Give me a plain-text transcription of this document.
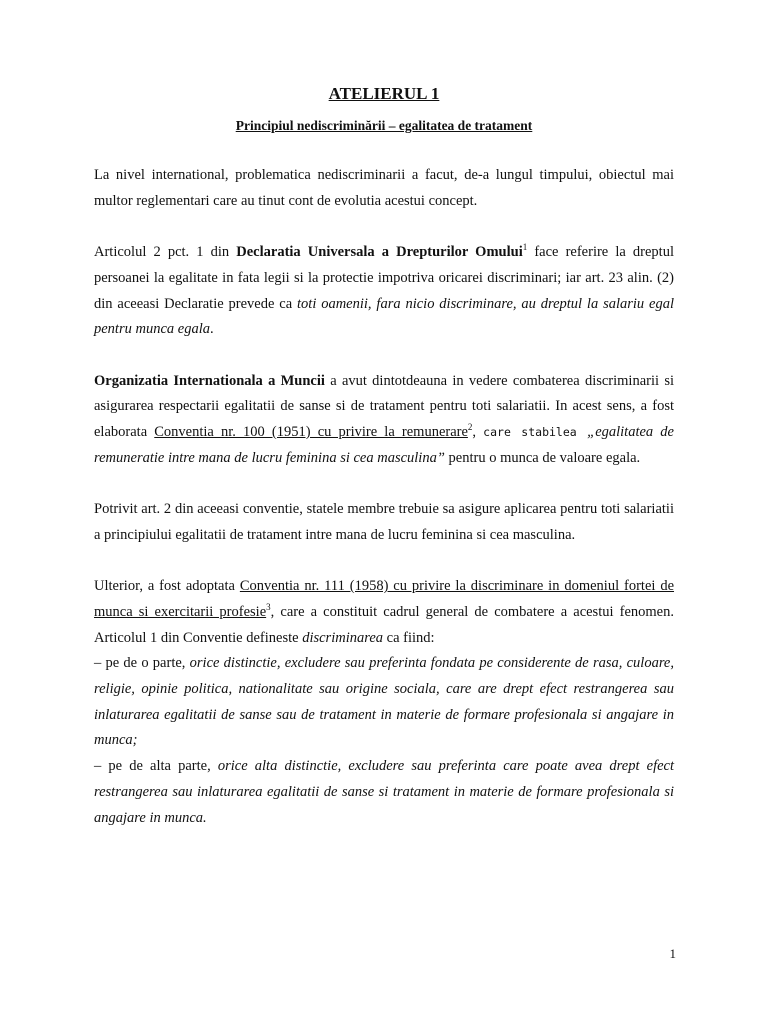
ATELIERUL 1
Principiul nediscriminării – egalitatea de tratament

La nivel international, problematica nediscriminarii a facut, de-a lungul timpului, obiectul mai multor reglementari care au tinut cont de evolutia acestui concept.

Articolul 2 pct. 1 din Declaratia Universala a Drepturilor Omului$^1$ face referire la dreptul persoanei la egalitate in fata legii si la protectie impotriva oricarei discriminari; iar art. 23 alin. (2) din aceeasi Declaratie prevede ca toti oamenii, fara nicio discriminare, au dreptul la salariu egal pentru munca egala.

Organizatia Internationala a Muncii a avut dintotdeauna in vedere combaterea discriminarii si asigurarea respectarii egalitatii de sanse si de tratament pentru toti salariatii. In acest sens, a fost elaborata Conventia nr. 100 (1951) cu privire la remunerare$^2$, care stabilea „egalitatea de remuneratie intre mana de lucru feminina si cea masculina” pentru o munca de valoare egala.

Potrivit art. 2 din aceeasi conventie, statele membre trebuie sa asigure aplicarea pentru toti salariatii a principiului egalitatii de tratament intre mana de lucru feminina si cea masculina.

Ulterior, a fost adoptata Conventia nr. 111 (1958) cu privire la discriminare in domeniul fortei de munca si exercitarii profesie$^3$, care a constituit cadrul general de combatere a acestui fenomen. Articolul 1 din Conventie defineste discriminarea ca fiind:

– pe de o parte, orice distinctie, excludere sau preferinta fondata pe considerente de rasa, culoare, religie, opinie politica, nationalitate sau origine sociala, care are drept efect restrangerea sau inlaturarea egalitatii de sanse sau de tratament in materie de formare profesionala si angajare in munca;

– pe de alta parte, orice alta distinctie, excludere sau preferinta care poate avea drept efect restrangerea sau inlaturarea egalitatii de sanse si tratament in materie de formare profesionala si angajare in munca.

1
